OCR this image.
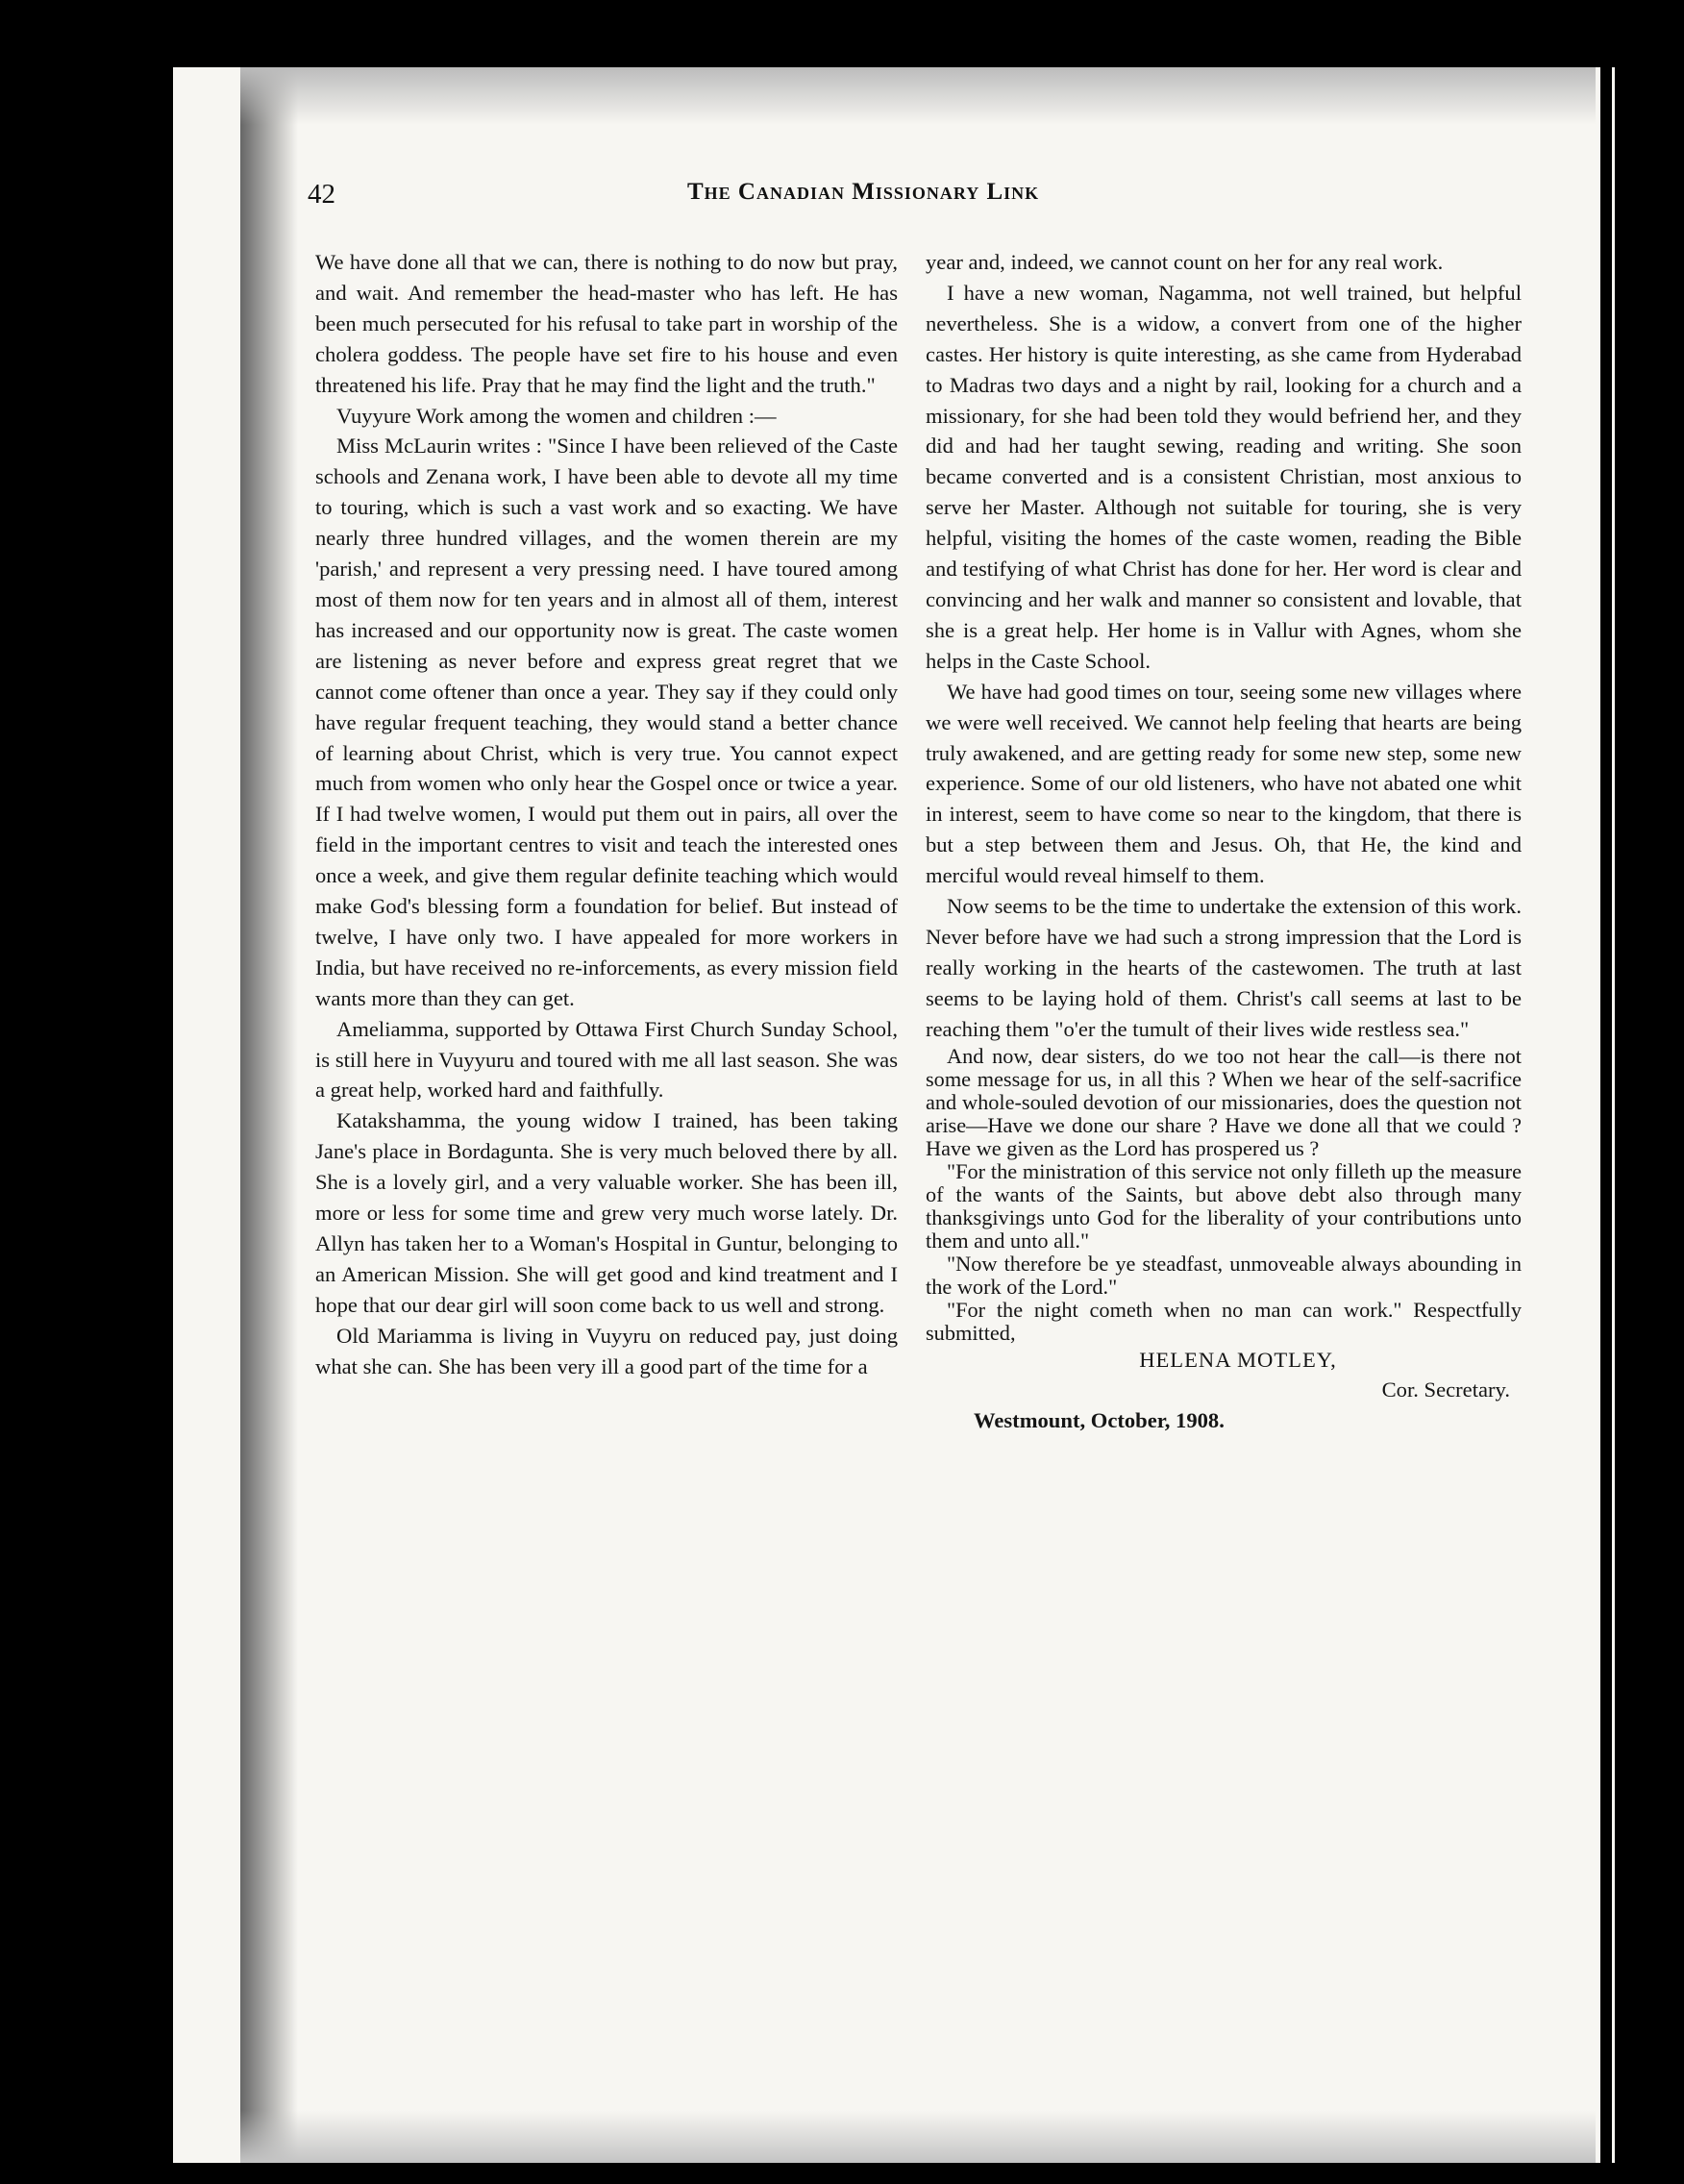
42	The Canadian Missionary Link

We have done all that we can, there is nothing to do now but pray, and wait. And remember the head-master who has left. He has been much persecuted for his refusal to take part in worship of the cholera goddess. The people have set fire to his house and even threatened his life. Pray that he may find the light and the truth."

Vuyyure Work among the women and children :—

Miss McLaurin writes : "Since I have been relieved of the Caste schools and Zenana work, I have been able to devote all my time to touring, which is such a vast work and so exacting. We have nearly three hundred villages, and the women therein are my 'parish,' and represent a very pressing need. I have toured among most of them now for ten years and in almost all of them, interest has increased and our opportunity now is great. The caste women are listening as never before and express great regret that we cannot come oftener than once a year. They say if they could only have regular frequent teaching, they would stand a better chance of learning about Christ, which is very true. You cannot expect much from women who only hear the Gospel once or twice a year. If I had twelve women, I would put them out in pairs, all over the field in the important centres to visit and teach the interested ones once a week, and give them regular definite teaching which would make God's blessing form a foundation for belief. But instead of twelve, I have only two. I have appealed for more workers in India, but have received no re-inforcements, as every mission field wants more than they can get.

Ameliamma, supported by Ottawa First Church Sunday School, is still here in Vuyyuru and toured with me all last season. She was a great help, worked hard and faithfully.

Katakshamma, the young widow I trained, has been taking Jane's place in Bordagunta. She is very much beloved there by all. She is a lovely girl, and a very valuable worker. She has been ill, more or less for some time and grew very much worse lately. Dr. Allyn has taken her to a Woman's Hospital in Guntur, belonging to an American Mission. She will get good and kind treatment and I hope that our dear girl will soon come back to us well and strong.

Old Mariamma is living in Vuyyru on reduced pay, just doing what she can. She has been very ill a good part of the time for a

year and, indeed, we cannot count on her for any real work.

I have a new woman, Nagamma, not well trained, but helpful nevertheless. She is a widow, a convert from one of the higher castes. Her history is quite interesting, as she came from Hyderabad to Madras two days and a night by rail, looking for a church and a missionary, for she had been told they would befriend her, and they did and had her taught sewing, reading and writing. She soon became converted and is a consistent Christian, most anxious to serve her Master. Although not suitable for touring, she is very helpful, visiting the homes of the caste women, reading the Bible and testifying of what Christ has done for her. Her word is clear and convincing and her walk and manner so consistent and lovable, that she is a great help. Her home is in Vallur with Agnes, whom she helps in the Caste School.

We have had good times on tour, seeing some new villages where we were well received. We cannot help feeling that hearts are being truly awakened, and are getting ready for some new step, some new experience. Some of our old listeners, who have not abated one whit in interest, seem to have come so near to the kingdom, that there is but a step between them and Jesus. Oh, that He, the kind and merciful would reveal himself to them.

Now seems to be the time to undertake the extension of this work. Never before have we had such a strong impression that the Lord is really working in the hearts of the castewomen. The truth at last seems to be laying hold of them. Christ's call seems at last to be reaching them "o'er the tumult of their lives wide restless sea."

And now, dear sisters, do we too not hear the call—is there not some message for us, in all this ? When we hear of the self-sacrifice and whole-souled devotion of our missionaries, does the question not arise—Have we done our share ? Have we done all that we could ? Have we given as the Lord has prospered us ?

"For the ministration of this service not only filleth up the measure of the wants of the Saints, but above debt also through many thanksgivings unto God for the liberality of your contributions unto them and unto all."

"Now therefore be ye steadfast, unmoveable always abounding in the work of the Lord."

"For the night cometh when no man can work." Respectfully submitted,

HELENA MOTLEY,

Cor. Secretary.

Westmount, October, 1908.
